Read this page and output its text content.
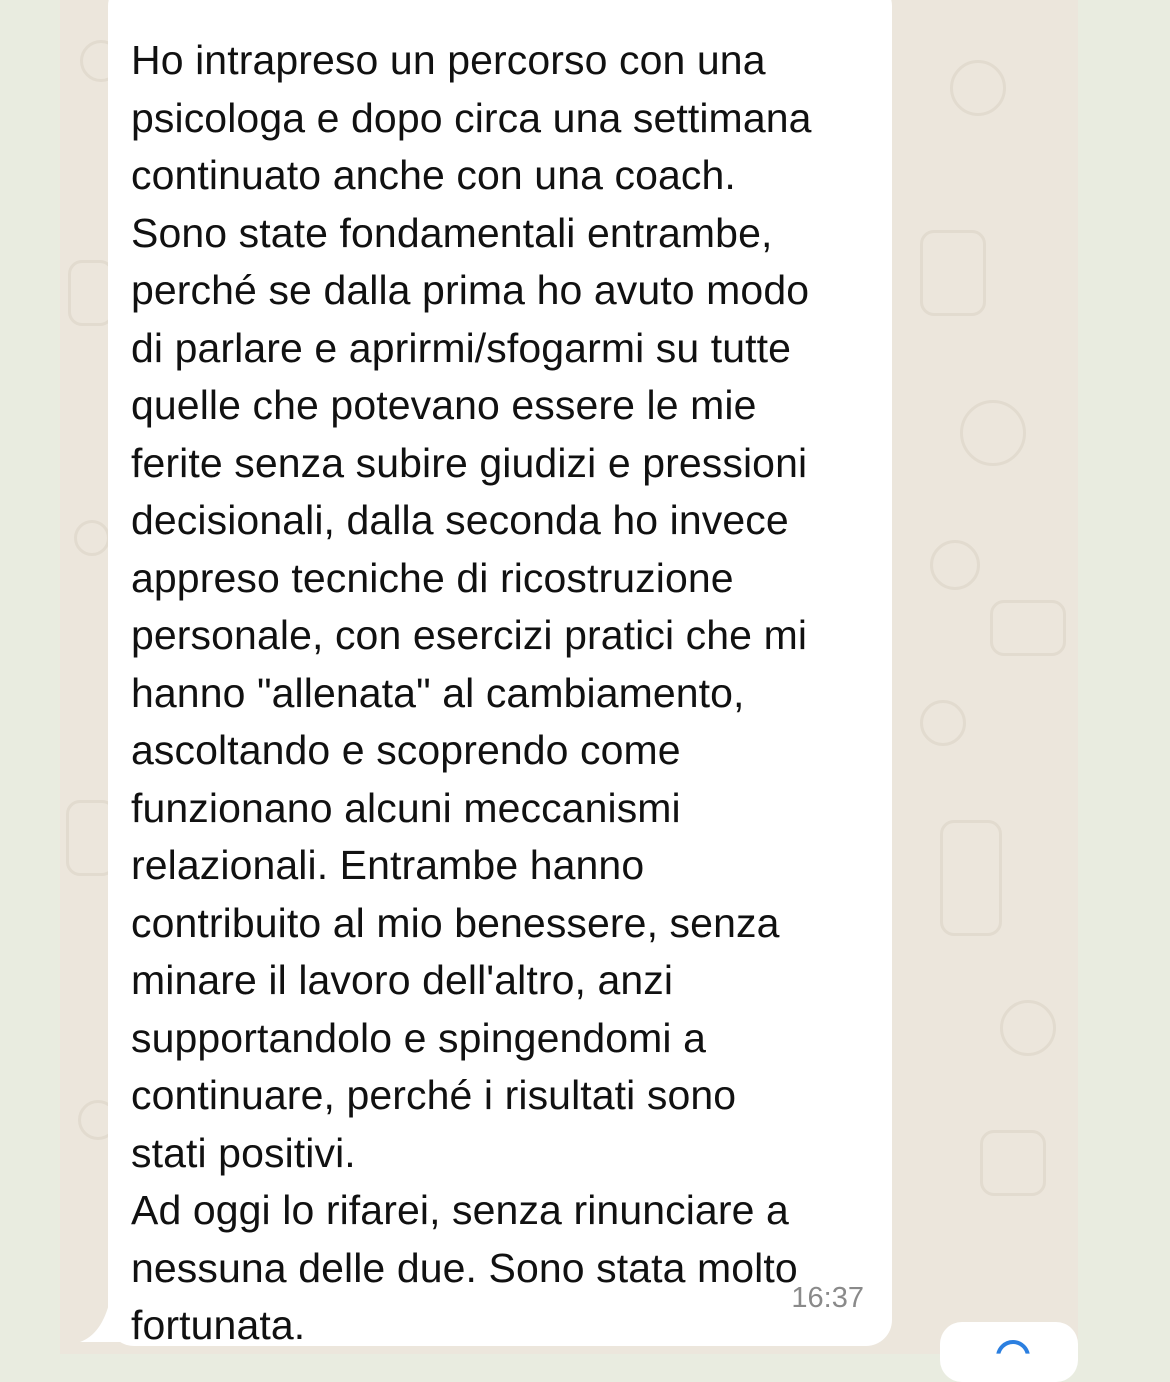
Ho intrapreso un percorso con una
psicologa e dopo circa una settimana
continuato anche con una coach.
Sono state fondamentali entrambe,
perché se dalla prima ho avuto modo
di parlare e aprirmi/sfogarmi su tutte
quelle che potevano essere le mie
ferite senza subire giudizi e pressioni
decisionali, dalla seconda ho invece
appreso tecniche di ricostruzione
personale, con esercizi pratici che mi
hanno "allenata" al cambiamento,
ascoltando e scoprendo come
funzionano alcuni meccanismi
relazionali. Entrambe hanno
contribuito al mio benessere, senza
minare il lavoro dell'altro, anzi
supportandolo e spingendomi a
continuare, perché i risultati sono
stati positivi.
Ad oggi lo rifarei, senza rinunciare a
nessuna delle due. Sono stata molto
fortunata.
16:37
